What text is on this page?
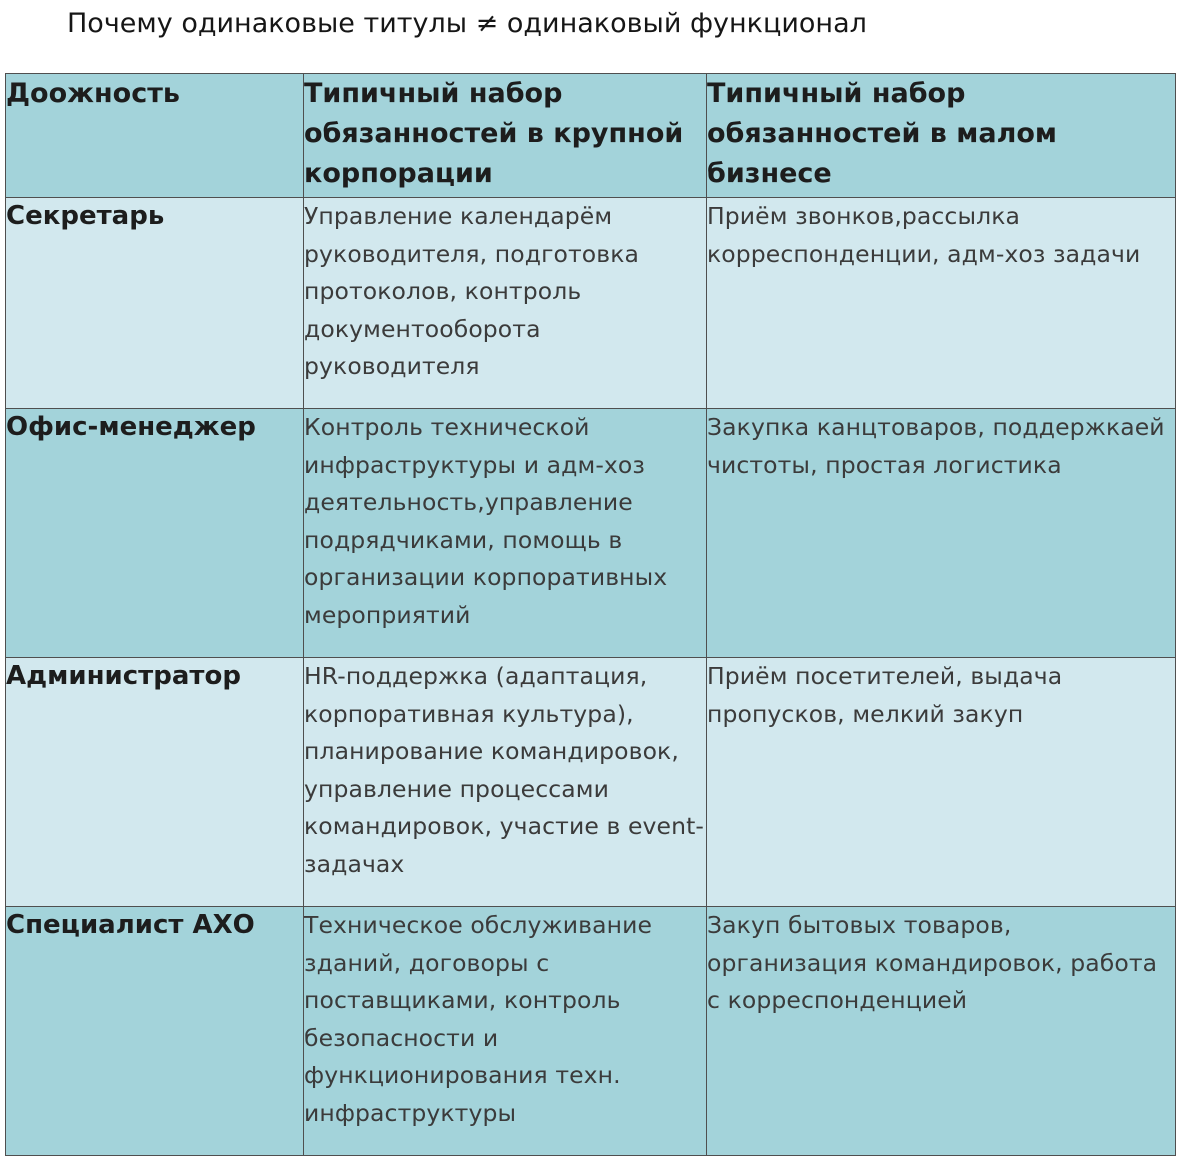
Почему одинаковые титулы ≠ одинаковый функционал
Доожность	Типичный набор обязанностей в крупной корпорации	Типичный набор обязанностей в малом бизнесе
Секретарь	Управление календарём руководителя, подготовка протоколов, контроль документооборота руководителя	Приём звонков,рассылка корреспонденции, адм-хоз задачи
Офис-менеджер	Контроль технической инфраструктуры и адм-хоз деятельность,управление подрядчиками, помощь в организации корпоративных мероприятий	Закупка канцтоваров, поддержкаей чистоты, простая логистика
Администратор	HR-поддержка (адаптация, корпоративная культура), планирование командировок, управление процессами командировок, участие в event-задачах	Приём посетителей, выдача пропусков, мелкий закуп
Специалист АХО	Техническое обслуживание зданий, договоры с поставщиками, контроль безопасности и функционирования техн. инфраструктуры	Закуп бытовых товаров, организация командировок, работа с корреспонденцией
